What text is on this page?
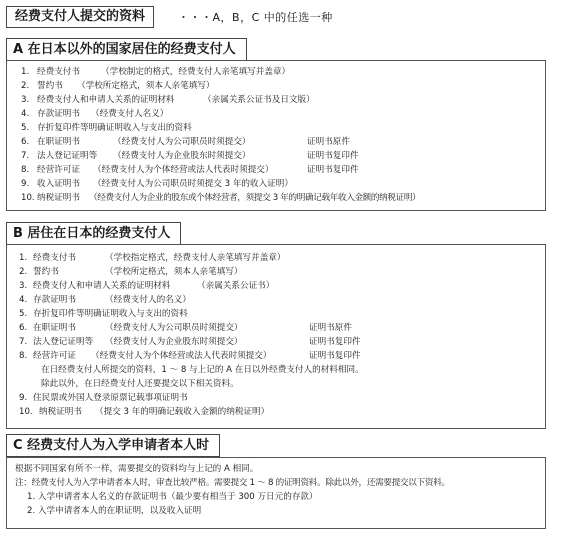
经费支付人提交的资料	・・・A，B，C 中的任选一种
A 在日本以外的国家居住的经费支付人
1. 经费支付书 （学校制定的格式，经费支付人亲笔填写并盖章）
2. 誓约书 （学校所定格式，须本人亲笔填写）
3. 经费支付人和申请人关系的证明材料	（亲属关系公证书及日文版）
4. 存款证明书 （经费支付人名义）
5. 存折复印件等明确证明收入与支出的资料
6. 在职证明书	（经费支付人为公司职员时须提交）	证明书原件
7. 法人登记证明等 （经费支付人为企业股东时须提交）	证明书复印件
8. 经营许可证 （经费支付人为个体经营或法人代表时须提交）	证明书复印件
9. 收入证明书 （经费支付人为公司职员时须提交 3 年的收入证明）
10. 纳税证明书 （经费支付人为企业的股东或个体经营者，须提交 3 年的明确记载年收入金额的纳税证明）
B 居住在日本的经费支付人
1. 经费支付书	（学校指定格式，经费支付人亲笔填写并盖章）
2. 誓约书	（学校所定格式，须本人亲笔填写）
3. 经费支付人和申请人关系的证明材料	（亲属关系公证书）
4. 存款证明书	（经费支付人的名义）
5. 存折复印件等明确证明收入与支出的资料
6. 在职证明书	（经费支付人为公司职员时须提交）	证明书原件
7. 法人登记证明等 （经费支付人为企业股东时须提交）	证明书复印件
8. 经营许可证 （经费支付人为个体经营或法人代表时须提交）	证明书复印件
在日经费支付人所提交的资料，1 ～ 8 与上记的 A 在日以外经费支付人的材料相同。
除此以外，在日经费支付人还要提交以下相关资料。
9. 住民票或外国人登录原票记载事项证明书
10. 纳税证明书 （提交 3 年的明确记载收入金额的纳税证明）
C 经费支付人为入学申请者本人时
根据不同国家有所不一样，需要提交的资料均与上记的 A 相同。
注：经费支付人为入学申请者本人时，审查比较严格。需要提交 1 ～ 8 的证明资料。除此以外，还需要提交以下资料。
1. 入学申请者本人名义的存款证明书（最少要有相当于 300 万日元的存款）
2. 入学申请者本人的在职证明，以及收入证明
